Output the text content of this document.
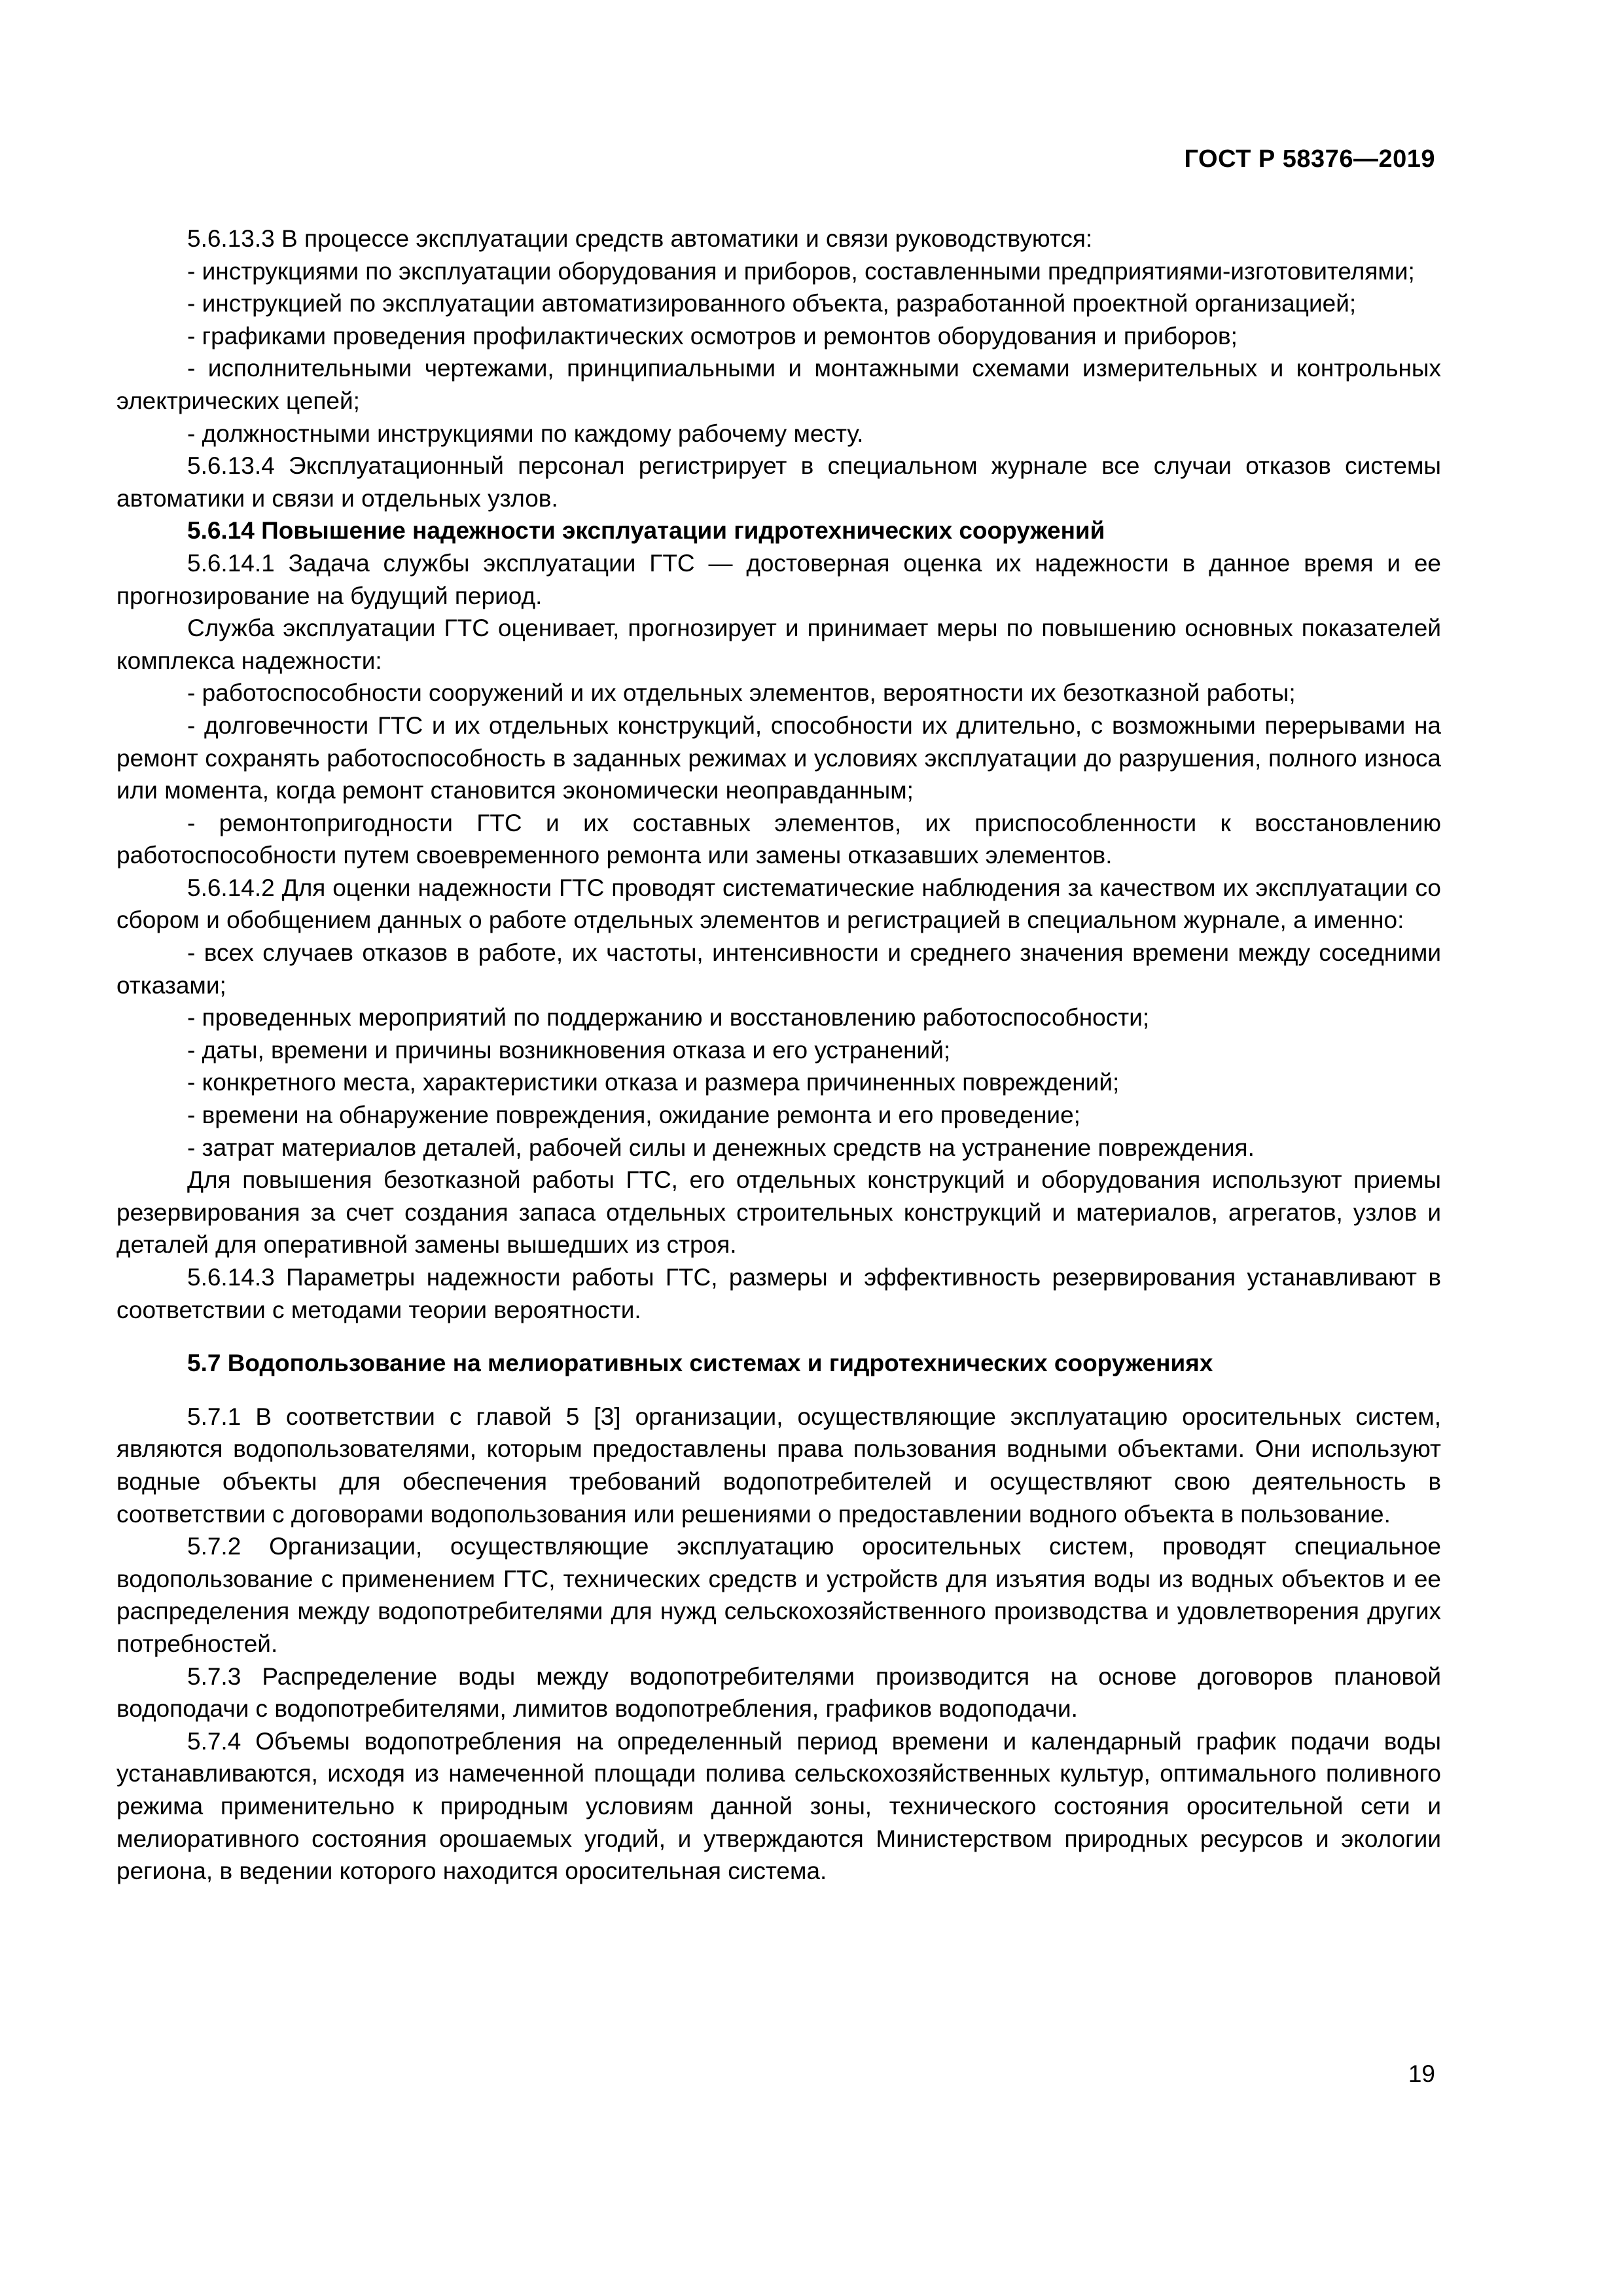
ГОСТ Р 58376—2019

5.6.13.3 В процессе эксплуатации средств автоматики и связи руководствуются:

- инструкциями по эксплуатации оборудования и приборов, составленными предприятиями-изготовителями;

- инструкцией по эксплуатации автоматизированного объекта, разработанной проектной организацией;

- графиками проведения профилактических осмотров и ремонтов оборудования и приборов;

- исполнительными чертежами, принципиальными и монтажными схемами измерительных и контрольных электрических цепей;

- должностными инструкциями по каждому рабочему месту.

5.6.13.4 Эксплуатационный персонал регистрирует в специальном журнале все случаи отказов системы автоматики и связи и отдельных узлов.

5.6.14 Повышение надежности эксплуатации гидротехнических сооружений

5.6.14.1 Задача службы эксплуатации ГТС — достоверная оценка их надежности в данное время и ее прогнозирование на будущий период.

Служба эксплуатации ГТС оценивает, прогнозирует и принимает меры по повышению основных показателей комплекса надежности:

- работоспособности сооружений и их отдельных элементов, вероятности их безотказной работы;

- долговечности ГТС и их отдельных конструкций, способности их длительно, с возможными перерывами на ремонт сохранять работоспособность в заданных режимах и условиях эксплуатации до разрушения, полного износа или момента, когда ремонт становится экономически неоправданным;

- ремонтопригодности ГТС и их составных элементов, их приспособленности к восстановлению работоспособности путем своевременного ремонта или замены отказавших элементов.

5.6.14.2 Для оценки надежности ГТС проводят систематические наблюдения за качеством их эксплуатации со сбором и обобщением данных о работе отдельных элементов и регистрацией в специальном журнале, а именно:

- всех случаев отказов в работе, их частоты, интенсивности и среднего значения времени между соседними отказами;

- проведенных мероприятий по поддержанию и восстановлению работоспособности;

- даты, времени и причины возникновения отказа и его устранений;

- конкретного места, характеристики отказа и размера причиненных повреждений;

- времени на обнаружение повреждения, ожидание ремонта и его проведение;

- затрат материалов деталей, рабочей силы и денежных средств на устранение повреждения.

Для повышения безотказной работы ГТС, его отдельных конструкций и оборудования используют приемы резервирования за счет создания запаса отдельных строительных конструкций и материалов, агрегатов, узлов и деталей для оперативной замены вышедших из строя.

5.6.14.3 Параметры надежности работы ГТС, размеры и эффективность резервирования устанавливают в соответствии с методами теории вероятности.

5.7 Водопользование на мелиоративных системах и гидротехнических сооружениях

5.7.1 В соответствии с главой 5 [3] организации, осуществляющие эксплуатацию оросительных систем, являются водопользователями, которым предоставлены права пользования водными объектами. Они используют водные объекты для обеспечения требований водопотребителей и осуществляют свою деятельность в соответствии с договорами водопользования или решениями о предоставлении водного объекта в пользование.

5.7.2 Организации, осуществляющие эксплуатацию оросительных систем, проводят специальное водопользование с применением ГТС, технических средств и устройств для изъятия воды из водных объектов и ее распределения между водопотребителями для нужд сельскохозяйственного производства и удовлетворения других потребностей.

5.7.3 Распределение воды между водопотребителями производится на основе договоров плановой водоподачи с водопотребителями, лимитов водопотребления, графиков водоподачи.

5.7.4 Объемы водопотребления на определенный период времени и календарный график подачи воды устанавливаются, исходя из намеченной площади полива сельскохозяйственных культур, оптимального поливного режима применительно к природным условиям данной зоны, технического состояния оросительной сети и мелиоративного состояния орошаемых угодий, и утверждаются Министерством природных ресурсов и экологии региона, в ведении которого находится оросительная система.

19
